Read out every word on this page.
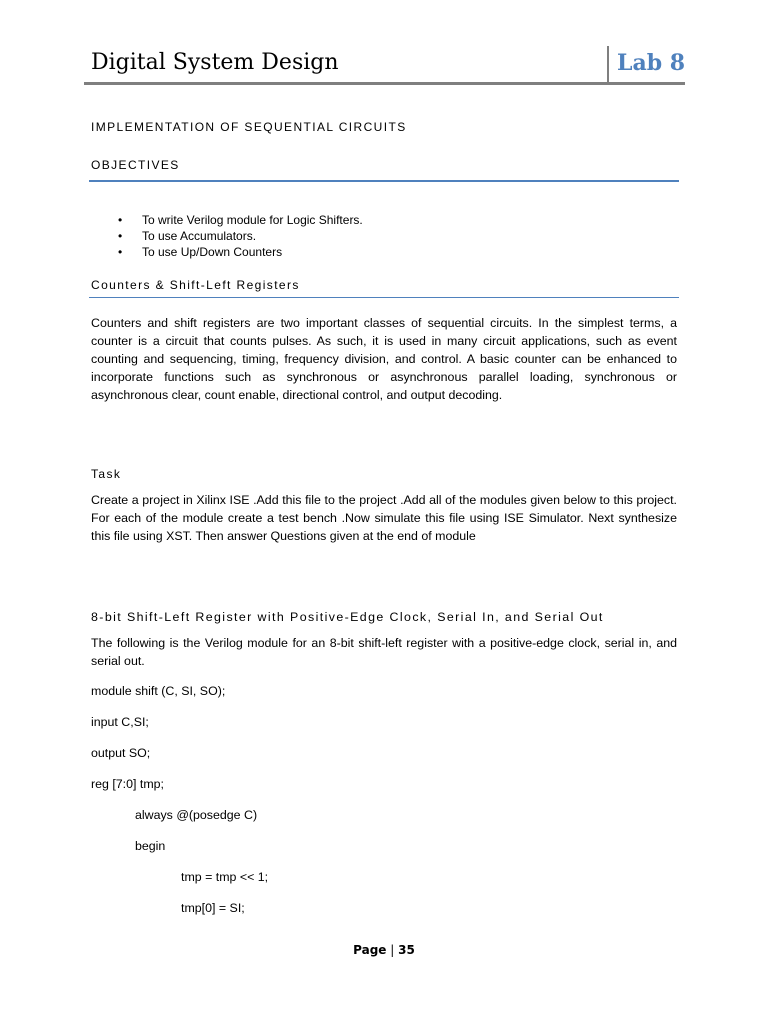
Digital System Design	Lab 8
IMPLEMENTATION OF SEQUENTIAL CIRCUITS
OBJECTIVES
• To write Verilog module for Logic Shifters.
• To use Accumulators.
• To use Up/Down Counters
Counters & Shift-Left Registers

Counters and shift registers are two important classes of sequential circuits. In the simplest terms, a counter is a circuit that counts pulses. As such, it is used in many circuit applications, such as event counting and sequencing, timing, frequency division, and control. A basic counter can be enhanced to incorporate functions such as synchronous or asynchronous parallel loading, synchronous or asynchronous clear, count enable, directional control, and output decoding.

Task

Create a project in Xilinx ISE .Add this file to the project .Add all of the modules given below to this project. For each of the module create a test bench .Now simulate this file using ISE Simulator. Next synthesize this file using XST. Then answer Questions given at the end of module

8-bit Shift-Left Register with Positive-Edge Clock, Serial In, and Serial Out

The following is the Verilog module for an 8-bit shift-left register with a positive-edge clock, serial in, and serial out.

module shift (C, SI, SO);
input C,SI;
output SO;
reg [7:0] tmp;
always @(posedge C)
begin
tmp = tmp << 1;
tmp[0] = SI;
Page | 35
